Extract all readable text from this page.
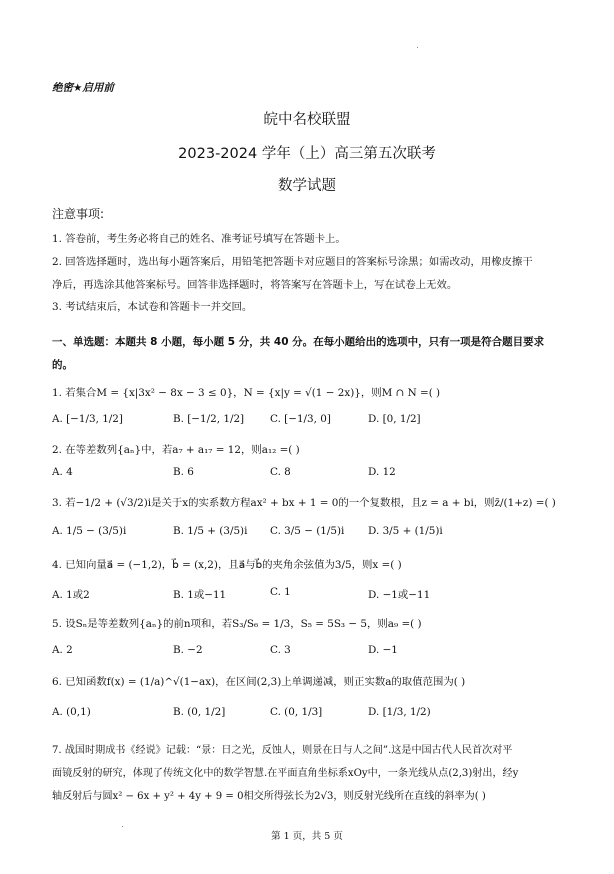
绝密★启用前
皖中名校联盟
2023-2024 学年（上）高三第五次联考
数学试题
注意事项:
1. 答卷前，考生务必将自己的姓名、准考证号填写在答题卡上。
2. 回答选择题时，选出每小题答案后，用铅笔把答题卡对应题目的答案标号涂黑；如需改动，用橡皮擦干
净后，再选涂其他答案标号。回答非选择题时，将答案写在答题卡上，写在试卷上无效。
3. 考试结束后，本试卷和答题卡一并交回。
一、单选题：本题共 8 小题，每小题 5 分，共 40 分。在每小题给出的选项中，只有一项是符合题目要求
的。
1. 若集合M = {x|3x² − 8x − 3 ≤ 0}，N = {x|y = √(1 − 2x)}，则M ∩ N =( )
A. [−1/3, 1/2]	B. [−1/2, 1/2] C. [−1/3, 0]	D. [0, 1/2]
2. 在等差数列{aₙ}中，若a₇ + a₁₇ = 12，则a₁₂ =( )
A. 4	B. 6	C. 8	D. 12
3. 若−1/2 + (√3/2)i是关于x的实系数方程ax² + bx + 1 = 0的一个复数根，且z = a + bi，则z̄/(1+z) =( )
A. 1/5 − (3/5)i	B. 1/5 + (3/5)i C. 3/5 − (1/5)i D. 3/5 + (1/5)i
4. 已知向量a⃗ = (−1,2)，b⃗ = (x,2)，且a⃗与b⃗的夹角余弦值为3/5，则x =( )
A. 1或2	B. 1或−11	C. 1	D. −1或−11
5. 设Sₙ是等差数列{aₙ}的前n项和，若S₃/S₆ = 1/3，S₅ = 5S₃ − 5，则a₉ =( )
A. 2	B. −2	C. 3	D. −1
6. 已知函数f(x) = (1/a)^√(1−ax)，在区间(2,3)上单调递减，则正实数a的取值范围为( )
A. (0,1)	B. (0, 1/2]	C. (0, 1/3]	D. [1/3, 1/2)
7. 战国时期成书《经说》记载：“景：日之光，反蚀人，则景在日与人之间”.这是中国古代人民首次对平
面镜反射的研究，体现了传统文化中的数学智慧.在平面直角坐标系xOy中，一条光线从点(2,3)射出，经y
轴反射后与圆x² − 6x + y² + 4y + 9 = 0相交所得弦长为2√3，则反射光线所在直线的斜率为( )
第 1 页，共 5 页
